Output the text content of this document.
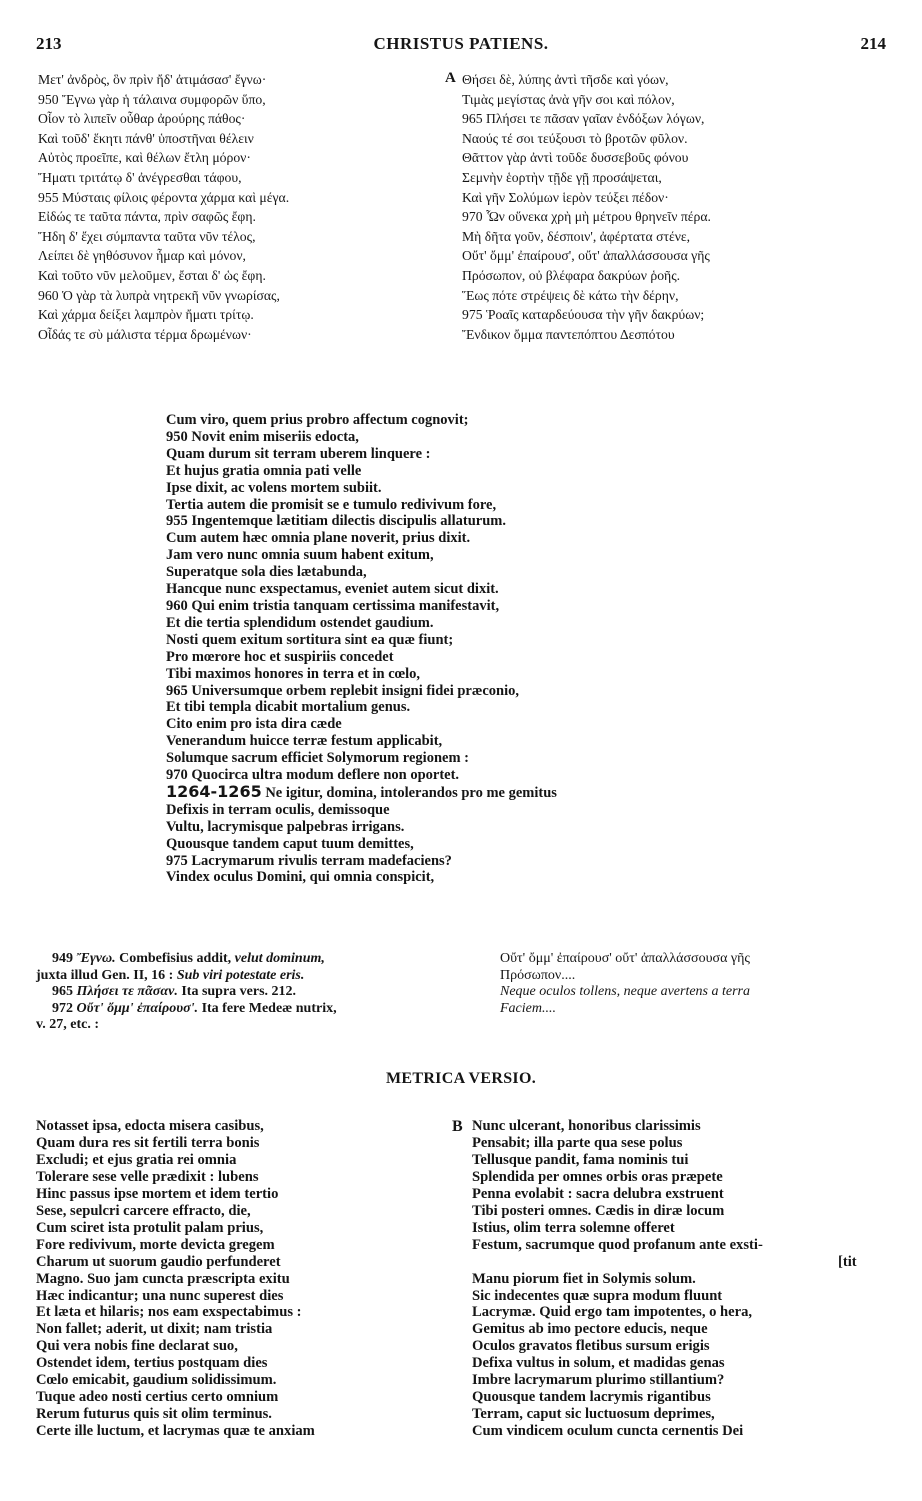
213	CHRISTUS PATIENS.	214
Μετ' ἀνδρὸς, ὃν πρὶν ἤδ' ἀτιμάσασ' ἔγνω·
950 Ἔγνω γὰρ ἡ τάλαινα συμφορῶν ὕπο,
Οἷον τὸ λιπεῖν οὖθαρ ἀρούρης πάθος·
Καὶ τοῦδ' ἕκητι πάνθ' ὑποστῆναι θέλειν
Αὐτὸς προεῖπε, καὶ θέλων ἔτλη μόρον·
Ἤματι τριτάτῳ δ' ἀνέγρεσθαι τάφου,
955 Μύσταις φίλοις φέροντα χάρμα καὶ μέγα.
Εἰδώς τε ταῦτα πάντα, πρὶν σαφῶς ἔφη.
Ἤδη δ' ἔχει σύμπαντα ταῦτα νῦν τέλος,
Λείπει δὲ γηθόσυνον ἦμαρ καὶ μόνον,
Καὶ τοῦτο νῦν μελοῦμεν, ἔσται δ' ὡς ἔφη.
960 Ὁ γὰρ τὰ λυπρὰ νητρεκῆ νῦν γνωρίσας,
Καὶ χάρμα δείξει λαμπρὸν ἤματι τρίτῳ.
Οἶδάς τε σὺ μάλιστα τέρμα δρωμένων·
A Θήσει δὲ, λύπης ἀντὶ τῆσδε καὶ γόων,
Τιμὰς μεγίστας ἀνὰ γῆν σοι καὶ πόλον,
965 Πλήσει τε πᾶσαν γαῖαν ἐνδόξων λόγων,
Ναούς τέ σοι τεύξουσι τὸ βροτῶν φῦλον.
Θᾶττον γὰρ ἀντὶ τοῦδε δυσσεβοῦς φόνου
Σεμνὴν ἑορτὴν τῇδε γῇ προσάψεται,
Καὶ γῆν Σολύμων ἱερὸν τεύξει πέδον·
970 Ὧν οὕνεκα χρὴ μὴ μέτρου θρηνεῖν πέρα.
Μὴ δῆτα γοῦν, δέσποιν', ἀφέρτατα στένε,
Οὔτ' ὄμμ' ἐπαίρουσ', οὔτ' ἀπαλλάσσουσα γῆς
Πρόσωπον, οὐ βλέφαρα δακρύων ῥοῆς.
Ἕως πότε στρέψεις δὲ κάτω τὴν δέρην,
975 Ῥοαῖς καταρδεύουσα τὴν γῆν δακρύων;
Ἔνδικον ὄμμα παντεπόπτου Δεσπότου
Cum viro, quem prius probro affectum cognovit;
950 Novit enim miseriis edocta,
Quam durum sit terram uberem linquere :
Et hujus gratia omnia pati velle
Ipse dixit, ac volens mortem subiit.
Tertia autem die promisit se e tumulo redivivum fore,
955 Ingentemque lætitiam dilectis discipulis allaturum.
Cum autem hæc omnia plane noverit, prius dixit.
Jam vero nunc omnia suum habent exitum,
Superatque sola dies lætabunda,
Hancque nunc exspectamus, eveniet autem sicut dixit.
960 Qui enim tristia tanquam certissima manifestavit,
Et die tertia splendidum ostendet gaudium.
Nosti quem exitum sortitura sint ea quæ fiunt;
Pro mœrore hoc et suspiriis concedet
Tibi maximos honores in terra et in cœlo,
965 Universumque orbem replebit insigni fidei præconio,
Et tibi templa dicabit mortalium genus.
Cito enim pro ista dira cæde
Venerandum huicce terræ festum applicabit,
Solumque sacrum efficiet Solymorum regionem :
970 Quocirca ultra modum deflere non oportet.
1264-1265 Ne igitur, domina, intolerandos pro me gemitus
Defixis in terram oculis, demissoque
Vultu, lacrymisque palpebras irrigans.
Quousque tandem caput tuum demittes,
975 Lacrymarum rivulis terram madefaciens?
Vindex oculus Domini, qui omnia conspicit,
949 Ἔγνω. Combefisius addit, velut dominum,
juxta illud Gen. II, 16 : Sub viri potestate eris.
965 Πλήσει τε πᾶσαν. Ita supra vers. 212.
972 Οὔτ' ὄμμ' ἐπαίρουσ'. Ita fere Medeæ nutrix,
v. 27, etc. :
Οὔτ' ὄμμ' ἐπαίρουσ' οὔτ' ἀπαλλάσσουσα γῆς
Πρόσωπον....
Neque oculos tollens, neque avertens a terra
Faciem....
METRICA VERSIO.
Notasset ipsa, edocta misera casibus,
Quam dura res sit fertili terra bonis
Excludi; et ejus gratia rei omnia
Tolerare sese velle prædixit : lubens
Hinc passus ipse mortem et idem tertio
Sese, sepulcri carcere effracto, die,
Cum sciret ista protulit palam prius,
Fore redivivum, morte devicta gregem
Charum ut suorum gaudio perfunderet
Magno. Suo jam cuncta præscripta exitu
Hæc indicantur; una nunc superest dies
Et læta et hilaris; nos eam exspectabimus :
Non fallet; aderit, ut dixit; nam tristia
Qui vera nobis fine declarat suo,
Ostendet idem, tertius postquam dies
Cœlo emicabit, gaudium solidissimum.
Tuque adeo nosti certius certo omnium
Rerum futurus quis sit olim terminus.
Certe ille luctum, et lacrymas quæ te anxiam
B Nunc ulcerant, honoribus clarissimis
Pensabit; illa parte qua sese polus
Tellusque pandit, fama nominis tui
Splendida per omnes orbis oras præpete
Penna evolabit : sacra delubra exstruent
Tibi posteri omnes. Cædis in diræ locum
Istius, olim terra solemne offeret
Festum, sacrumque quod profanum ante exsti-

Manu piorum fiet in Solymis solum.
Sic indecentes quæ supra modum fluunt
Lacrymæ. Quid ergo tam impotentes, o hera,
Gemitus ab imo pectore educis, neque
Oculos gravatos fletibus sursum erigis
Defixa vultus in solum, et madidas genas
Imbre lacrymarum plurimo stillantium?
Quousque tandem lacrymis rigantibus
Terram, caput sic luctuosum deprimes,
Cum vindicem oculum cuncta cernentis Dei
[tit
